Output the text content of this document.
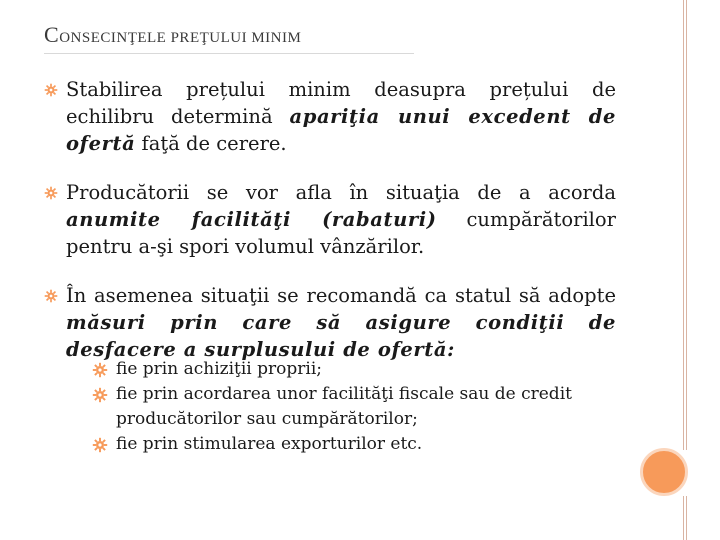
CONSECINŢELE PREŢULUI MINIM

Stabilirea prețului minim deasupra prețului de echilibru determină apariţia unui excedent de ofertă faţă de cerere.

Producătorii se vor afla în situaţia de a acorda anumite facilităţi (rabaturi) cumpărătorilor pentru a-şi spori volumul vânzărilor.

În asemenea situaţii se recomandă ca statul să adopte măsuri prin care să asigure condiţii de desfacere a surplusului de ofertă:

fie prin achiziţii proprii;
fie prin acordarea unor facilităţi fiscale sau de credit producătorilor sau cumpărătorilor;
fie prin stimularea exporturilor etc.
